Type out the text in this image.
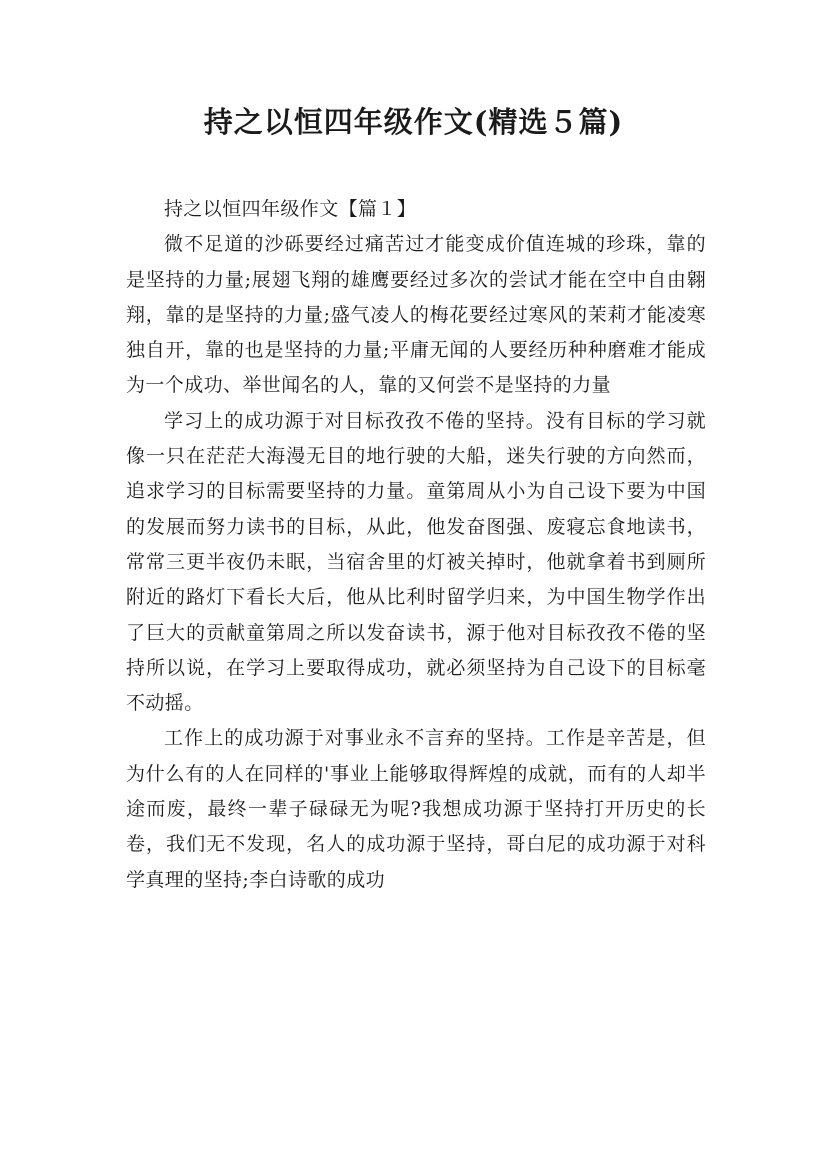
持之以恒四年级作文(精选５篇)

持之以恒四年级作文【篇１】

微不足道的沙砾要经过痛苦过才能变成价值连城的珍珠，靠的是坚持的力量;展翅飞翔的雄鹰要经过多次的尝试才能在空中自由翱翔，靠的是坚持的力量;盛气凌人的梅花要经过寒风的茉莉才能凌寒独自开，靠的也是坚持的力量;平庸无闻的人要经历种种磨难才能成为一个成功、举世闻名的人，靠的又何尝不是坚持的力量

学习上的成功源于对目标孜孜不倦的坚持。没有目标的学习就像一只在茫茫大海漫无目的地行驶的大船，迷失行驶的方向然而，追求学习的目标需要坚持的力量。童第周从小为自己设下要为中国的发展而努力读书的目标，从此，他发奋图强、废寝忘食地读书，常常三更半夜仍未眠，当宿舍里的灯被关掉时，他就拿着书到厕所附近的路灯下看长大后，他从比利时留学归来，为中国生物学作出了巨大的贡献童第周之所以发奋读书，源于他对目标孜孜不倦的坚持所以说，在学习上要取得成功，就必须坚持为自己设下的目标毫不动摇。

工作上的成功源于对事业永不言弃的坚持。工作是辛苦是，但为什么有的人在同样的'事业上能够取得辉煌的成就，而有的人却半途而废，最终一辈子碌碌无为呢?我想成功源于坚持打开历史的长卷，我们无不发现，名人的成功源于坚持，哥白尼的成功源于对科学真理的坚持;李白诗歌的成功
